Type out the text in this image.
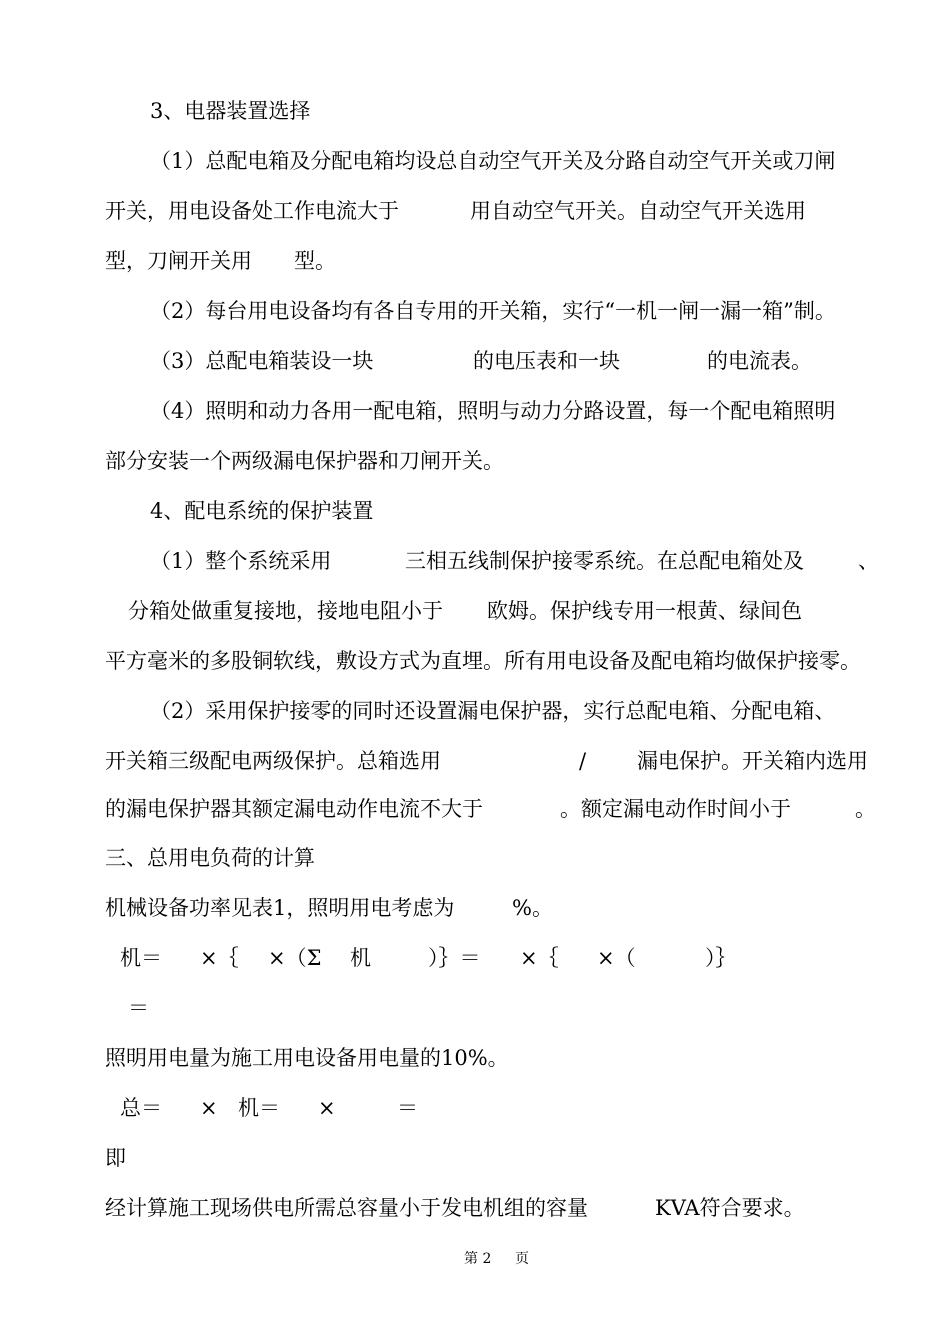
3、电器装置选择
（1）总配电箱及分配电箱均设总自动空气开关及分路自动空气开关或刀闸
开关，用电设备处工作电流大于	用自动空气开关。自动空气开关选用
型，刀闸开关用 型。
（2）每台用电设备均有各自专用的开关箱，实行“一机一闸一漏一箱”制。
（3）总配电箱装设一块	的电压表和一块	的电流表。
（4）照明和动力各用一配电箱，照明与动力分路设置，每一个配电箱照明
部分安装一个两级漏电保护器和刀闸开关。
4、配电系统的保护装置
（1）整个系统采用	三相五线制保护接零系统。在总配电箱处及	、
分箱处做重复接地，接地电阻小于 欧姆。保护线专用一根黄、绿间色
平方毫米的多股铜软线，敷设方式为直埋。所有用电设备及配电箱均做保护接零。
（2）采用保护接零的同时还设置漏电保护器，实行总配电箱、分配电箱、
开关箱三级配电两级保护。总箱选用	/ 漏电保护。开关箱内选用
的漏电保护器其额定漏电动作电流不大于	。额定漏电动作时间小于	。
三、总用电负荷的计算
机械设备功率见表1，照明用电考虑为	%。
机＝ ×｛ ×（Σ 机	）｝＝ ×｛ ×（	）｝
＝
照明用电量为施工用电设备用电量的10%。
总＝ × 机＝ ×	＝
即
经计算施工现场供电所需总容量小于发电机组的容量	KVA符合要求。
第 2 页
